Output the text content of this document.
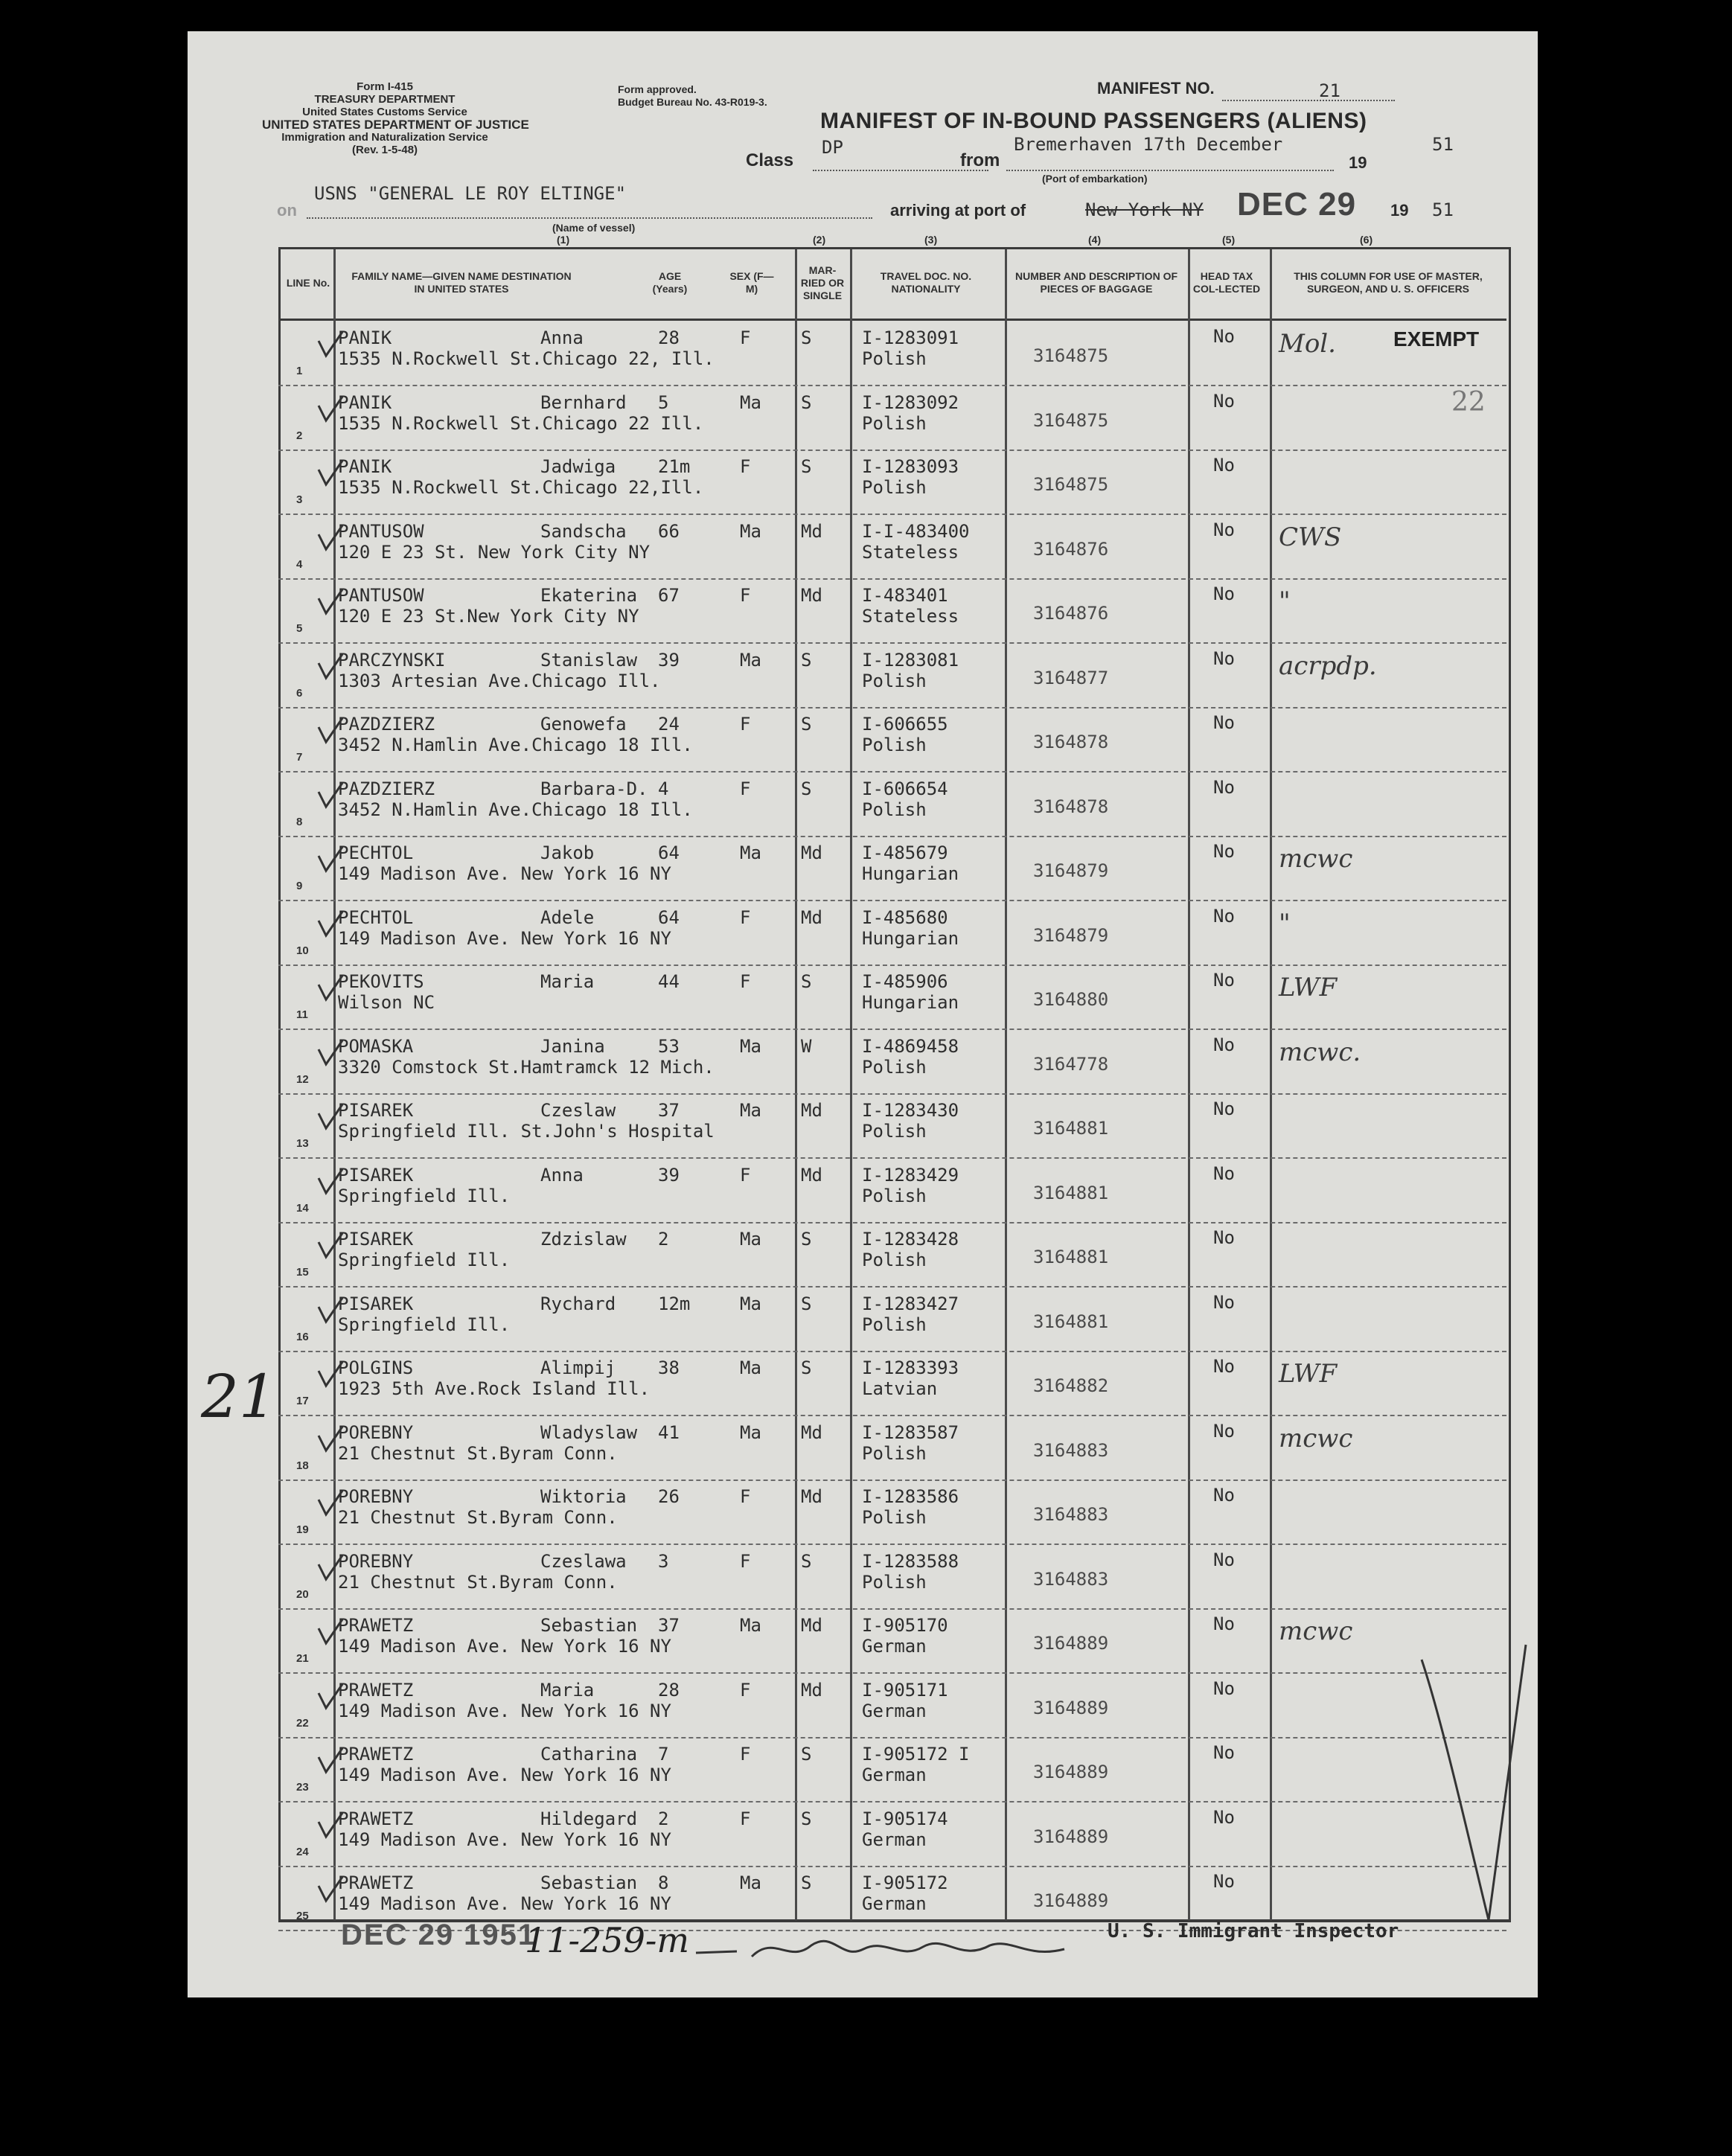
Form I-415
TREASURY DEPARTMENT
United States Customs Service
UNITED STATES DEPARTMENT OF JUSTICE
Immigration and Naturalization Service
(Rev. 1-5-48)
Form approved.
Budget Bureau No. 43-R019-3.
MANIFEST NO.	21
MANIFEST OF IN-BOUND PASSENGERS (ALIENS)
DP
Class	from
Bremerhaven 17th December
19
51
(Port of embarkation)
on
USNS "GENERAL LE ROY ELTINGE"
(Name of vessel)
arriving at port of	New York NY DEC 29 19 51
(1)	(2)	(3)	(4)	(5)	(6)
LINE No.
FAMILY NAME—GIVEN NAME DESTINATION IN UNITED STATES
AGE (Years)
SEX (F—M)
MAR-RIED OR SINGLE
TRAVEL DOC. NO. NATIONALITY
NUMBER AND DESCRIPTION OF PIECES OF BAGGAGE
HEAD TAX COL-LECTED
THIS COLUMN FOR USE OF MASTER, SURGEON, AND U. S. OFFICERS
1
PANIK	Anna
1535 N.Rockwell St.Chicago 22, Ill.
28	F	S	I-1283091
Polish	3164875
No Mol.
2
PANIK	Bernhard
1535 N.Rockwell St.Chicago 22 Ill.
5	Ma S	I-1283092
Polish	3164875
No
3
PANIK	Jadwiga
1535 N.Rockwell St.Chicago 22,Ill.
21m	F	S	I-1283093
Polish	3164875
No
4
PANTUSOW	Sandscha
120 E 23 St. New York City NY
66	Ma Md I-I-483400
Stateless	3164876
No CWS
5
PANTUSOW	Ekaterina
120 E 23 St.New York City NY
67	F	Md I-483401
Stateless	3164876
No "
6
PARCZYNSKI	Stanislaw
1303 Artesian Ave.Chicago Ill.
39	Ma S	I-1283081
Polish	3164877
No acrpdp.
7
PAZDZIERZ	Genowefa
3452 N.Hamlin Ave.Chicago 18 Ill.
24	F	S	I-606655
Polish	3164878
No
8
PAZDZIERZ	Barbara-D.
3452 N.Hamlin Ave.Chicago 18 Ill.
4	F	S	I-606654
Polish	3164878
No
9
PECHTOL	Jakob
149 Madison Ave. New York 16 NY
64	Ma Md I-485679
Hungarian	3164879
No mcwc
10
PECHTOL	Adele
149 Madison Ave. New York 16 NY
64	F	Md I-485680
Hungarian	3164879
No "
11
PEKOVITS	Maria
Wilson NC
44	F	S	I-485906
Hungarian	3164880
No LWF
12
POMASKA	Janina
3320 Comstock St.Hamtramck 12 Mich.
53	Ma W	I-4869458
Polish	3164778
No mcwc.
13
PISAREK	Czeslaw
Springfield Ill. St.John's Hospital
37	Ma Md I-1283430
Polish	3164881
No
14
PISAREK	Anna
Springfield Ill.
39	F	Md I-1283429
Polish	3164881
No
15
PISAREK	Zdzislaw
Springfield Ill.
2	Ma S	I-1283428
Polish	3164881
No
16
PISAREK	Rychard
Springfield Ill.
12m	Ma S	I-1283427
Polish	3164881
No
17
POLGINS	Alimpij
1923 5th Ave.Rock Island Ill.
38	Ma S	I-1283393
Latvian	3164882
No LWF
18
POREBNY	Wladyslaw
21 Chestnut St.Byram Conn.
41	Ma Md I-1283587
Polish	3164883
No mcwc
19
POREBNY	Wiktoria
21 Chestnut St.Byram Conn.
26	F	Md I-1283586
Polish	3164883
No
20
POREBNY	Czeslawa
21 Chestnut St.Byram Conn.
3	F	S	I-1283588
Polish	3164883
No
21
PRAWETZ	Sebastian
149 Madison Ave. New York 16 NY
37	Ma Md I-905170
German	3164889
No mcwc
22
PRAWETZ	Maria
149 Madison Ave. New York 16 NY
28	F	Md I-905171
German	3164889
No
23
PRAWETZ	Catharina
149 Madison Ave. New York 16 NY
7	F	S	I-905172 I
German	3164889
No
24
PRAWETZ	Hildegard
149 Madison Ave. New York 16 NY
2	F	S	I-905174
German	3164889
No
25
PRAWETZ	Sebastian
149 Madison Ave. New York 16 NY
8	Ma S	I-905172
German	3164889
No
EXEMPT
22
21
DEC 29 1951
11-259-m	U. S. Immigrant Inspector
